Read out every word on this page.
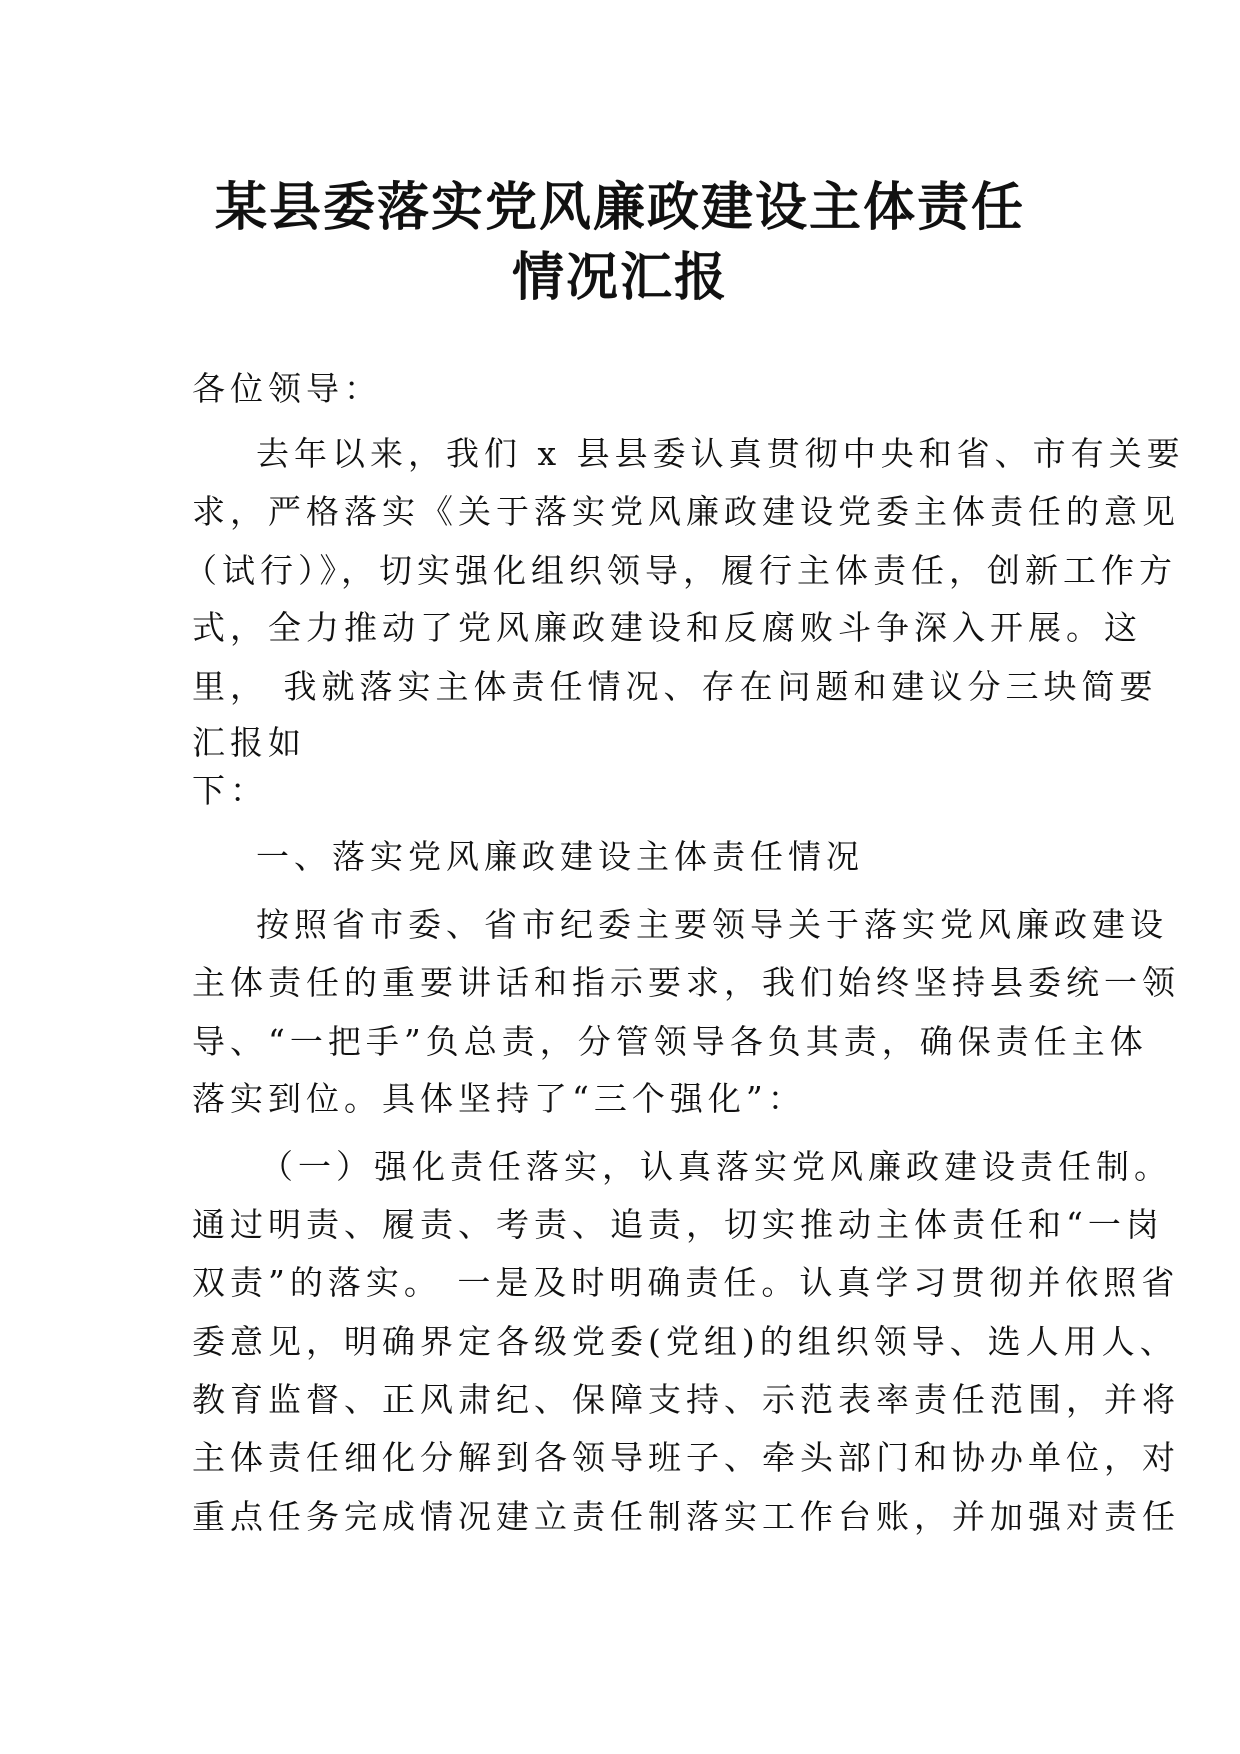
某县委落实党风廉政建设主体责任
情况汇报

各位领导：

去年以来，我们 x 县县委认真贯彻中央和省、市有关要

求，严格落实《关于落实党风廉政建设党委主体责任的意见

（试行）》，切实强化组织领导，履行主体责任，创新工作方

式，全力推动了党风廉政建设和反腐败斗争深入开展。这

里， 我就落实主体责任情况、存在问题和建议分三块简要

汇报如

下：

一、落实党风廉政建设主体责任情况

按照省市委、省市纪委主要领导关于落实党风廉政建设

主体责任的重要讲话和指示要求，我们始终坚持县委统一领

导、“一把手”负总责，分管领导各负其责，确保责任主体

落实到位。具体坚持了“三个强化”：

（一）强化责任落实，认真落实党风廉政建设责任制。

通过明责、履责、考责、追责，切实推动主体责任和“一岗

双责”的落实。 一是及时明确责任。认真学习贯彻并依照省

委意见，明确界定各级党委(党组)的组织领导、选人用人、

教育监督、正风肃纪、保障支持、示范表率责任范围，并将

主体责任细化分解到各领导班子、牵头部门和协办单位，对

重点任务完成情况建立责任制落实工作台账，并加强对责任
